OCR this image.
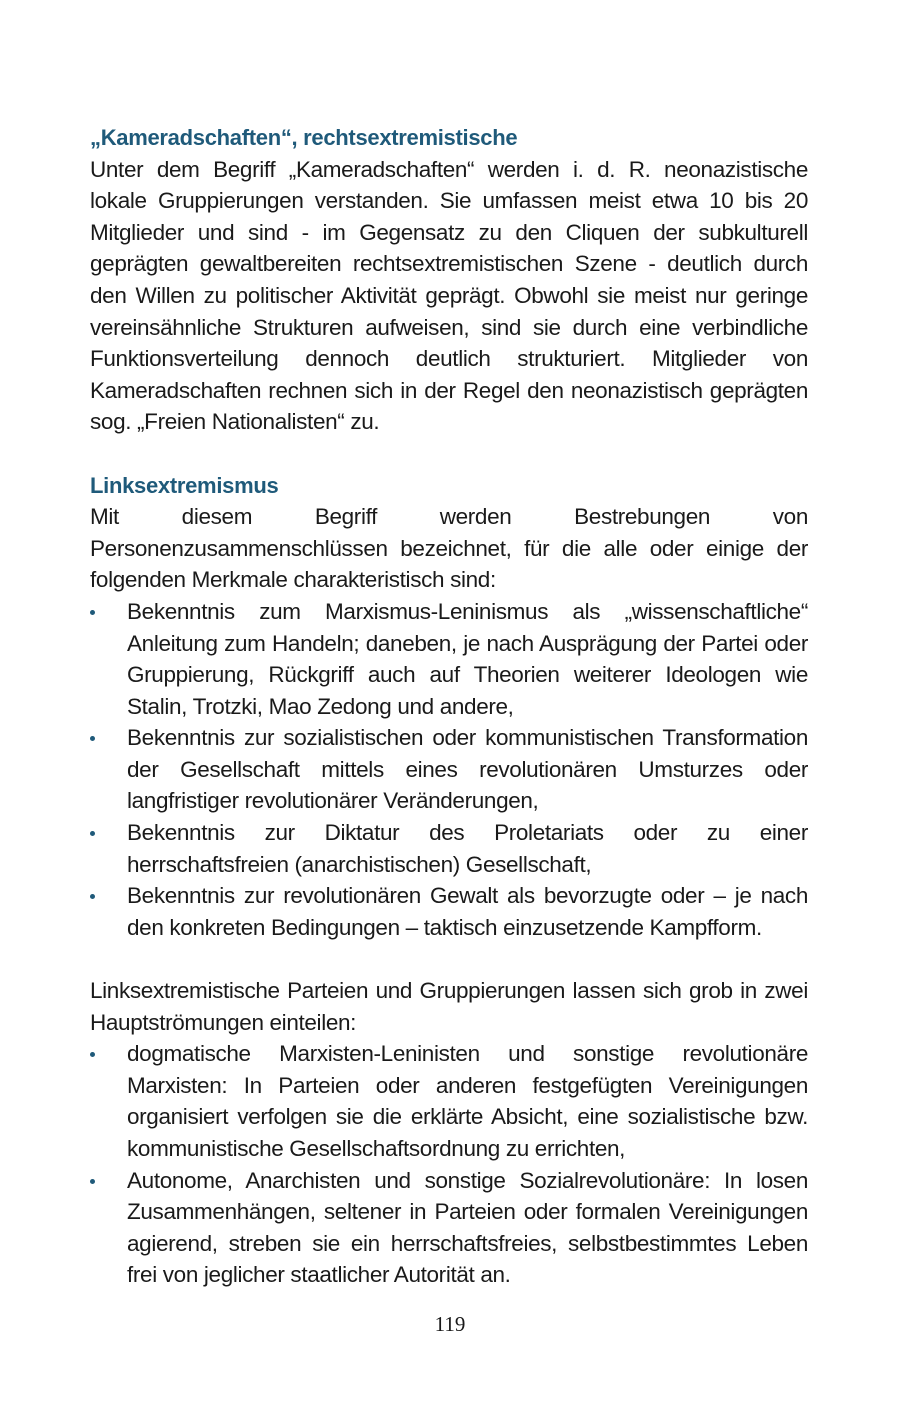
„Kameradschaften“, rechtsextremistische

Unter dem Begriff „Kameradschaften“ werden i. d. R. neonazistische lokale Gruppierungen verstanden. Sie umfassen meist etwa 10 bis 20 Mitglieder und sind - im Gegensatz zu den Cliquen der subkulturell geprägten gewaltbereiten rechtsextremistischen Szene - deutlich durch den Willen zu politischer Aktivität geprägt. Obwohl sie meist nur geringe vereinsähnliche Strukturen aufweisen, sind sie durch eine verbindliche Funktionsverteilung dennoch deutlich strukturiert. Mitglieder von Kameradschaften rechnen sich in der Regel den neonazistisch geprägten sog. „Freien Nationalisten“ zu.

Linksextremismus

Mit diesem Begriff werden Bestrebungen von Personenzusammenschlüssen bezeichnet, für die alle oder einige der folgenden Merkmale charakteristisch sind:

Bekenntnis zum Marxismus-Leninismus als „wissenschaftliche“ Anleitung zum Handeln; daneben, je nach Ausprägung der Partei oder Gruppierung, Rückgriff auch auf Theorien weiterer Ideologen wie Stalin, Trotzki, Mao Zedong und andere,
Bekenntnis zur sozialistischen oder kommunistischen Transformation der Gesellschaft mittels eines revolutionären Umsturzes oder langfristiger revolutionärer Veränderungen,
Bekenntnis zur Diktatur des Proletariats oder zu einer herrschaftsfreien (anarchistischen) Gesellschaft,
Bekenntnis zur revolutionären Gewalt als bevorzugte oder – je nach den konkreten Bedingungen – taktisch einzusetzende Kampfform.

Linksextremistische Parteien und Gruppierungen lassen sich grob in zwei Hauptströmungen einteilen:

dogmatische Marxisten-Leninisten und sonstige revolutionäre Marxisten: In Parteien oder anderen festgefügten Vereinigungen organisiert verfolgen sie die erklärte Absicht, eine sozialistische bzw. kommunistische Gesellschaftsordnung zu errichten,
Autonome, Anarchisten und sonstige Sozialrevolutionäre: In losen Zusammenhängen, seltener in Parteien oder formalen Vereinigungen agierend, streben sie ein herrschaftsfreies, selbstbestimmtes Leben frei von jeglicher staatlicher Autorität an.
119
